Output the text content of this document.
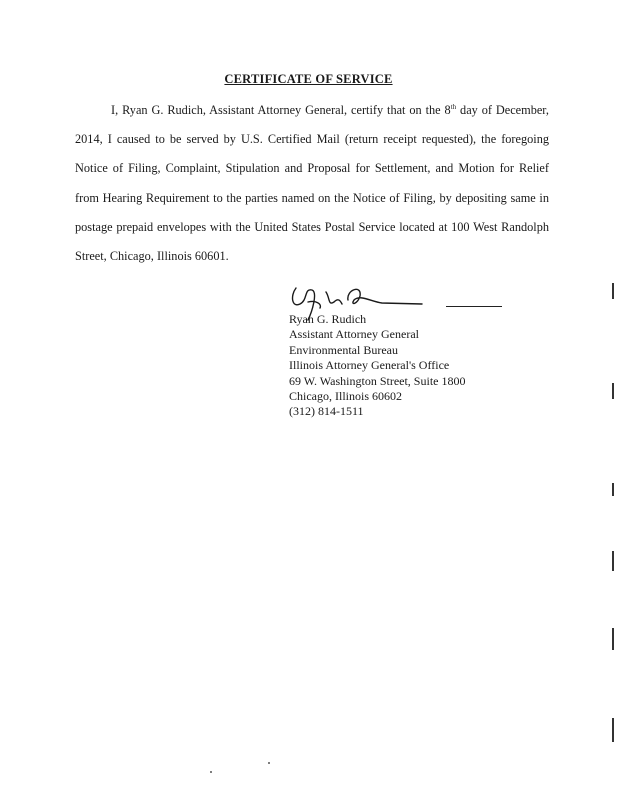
CERTIFICATE OF SERVICE

I, Ryan G. Rudich, Assistant Attorney General, certify that on the 8th day of December, 2014, I caused to be served by U.S. Certified Mail (return receipt requested), the foregoing Notice of Filing, Complaint, Stipulation and Proposal for Settlement, and Motion for Relief from Hearing Requirement to the parties named on the Notice of Filing, by depositing same in postage prepaid envelopes with the United States Postal Service located at 100 West Randolph Street, Chicago, Illinois 60601.

Ryan G. Rudich
Assistant Attorney General
Environmental Bureau
Illinois Attorney General's Office
69 W. Washington Street, Suite 1800
Chicago, Illinois 60602
(312) 814-1511
